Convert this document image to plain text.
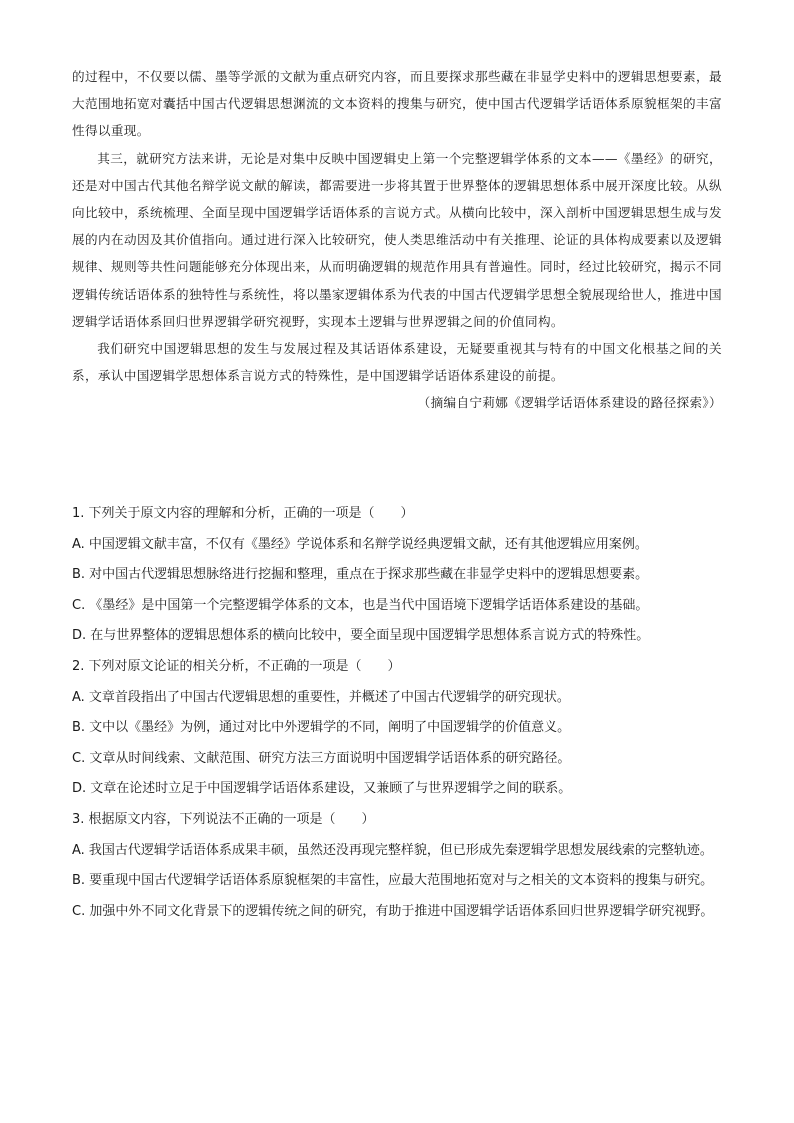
的过程中，不仅要以儒、墨等学派的文献为重点研究内容，而且要探求那些藏在非显学史料中的逻辑思想要素，最大范围地拓宽对囊括中国古代逻辑思想渊流的文本资料的搜集与研究，使中国古代逻辑学话语体系原貌框架的丰富性得以重现。

其三，就研究方法来讲，无论是对集中反映中国逻辑史上第一个完整逻辑学体系的文本——《墨经》的研究，还是对中国古代其他名辩学说文献的解读，都需要进一步将其置于世界整体的逻辑思想体系中展开深度比较。从纵向比较中，系统梳理、全面呈现中国逻辑学话语体系的言说方式。从横向比较中，深入剖析中国逻辑思想生成与发展的内在动因及其价值指向。通过进行深入比较研究，使人类思维活动中有关推理、论证的具体构成要素以及逻辑规律、规则等共性问题能够充分体现出来，从而明确逻辑的规范作用具有普遍性。同时，经过比较研究，揭示不同逻辑传统话语体系的独特性与系统性，将以墨家逻辑体系为代表的中国古代逻辑学思想全貌展现给世人，推进中国逻辑学话语体系回归世界逻辑学研究视野，实现本土逻辑与世界逻辑之间的价值同构。

我们研究中国逻辑思想的发生与发展过程及其话语体系建设，无疑要重视其与特有的中国文化根基之间的关系，承认中国逻辑学思想体系言说方式的特殊性，是中国逻辑学话语体系建设的前提。

（摘编自宁莉娜《逻辑学话语体系建设的路径探索》）

1. 下列关于原文内容的理解和分析，正确的一项是（　　）

A. 中国逻辑文献丰富，不仅有《墨经》学说体系和名辩学说经典逻辑文献，还有其他逻辑应用案例。

B. 对中国古代逻辑思想脉络进行挖掘和整理，重点在于探求那些藏在非显学史料中的逻辑思想要素。

C. 《墨经》是中国第一个完整逻辑学体系的文本，也是当代中国语境下逻辑学话语体系建设的基础。

D. 在与世界整体的逻辑思想体系的横向比较中，要全面呈现中国逻辑学思想体系言说方式的特殊性。

2. 下列对原文论证的相关分析，不正确的一项是（　　）

A. 文章首段指出了中国古代逻辑思想的重要性，并概述了中国古代逻辑学的研究现状。

B. 文中以《墨经》为例，通过对比中外逻辑学的不同，阐明了中国逻辑学的价值意义。

C. 文章从时间线索、文献范围、研究方法三方面说明中国逻辑学话语体系的研究路径。

D. 文章在论述时立足于中国逻辑学话语体系建设，又兼顾了与世界逻辑学之间的联系。

3. 根据原文内容，下列说法不正确的一项是（　　）

A. 我国古代逻辑学话语体系成果丰硕，虽然还没再现完整样貌，但已形成先秦逻辑学思想发展线索的完整轨迹。

B. 要重现中国古代逻辑学话语体系原貌框架的丰富性，应最大范围地拓宽对与之相关的文本资料的搜集与研究。

C. 加强中外不同文化背景下的逻辑传统之间的研究，有助于推进中国逻辑学话语体系回归世界逻辑学研究视野。
